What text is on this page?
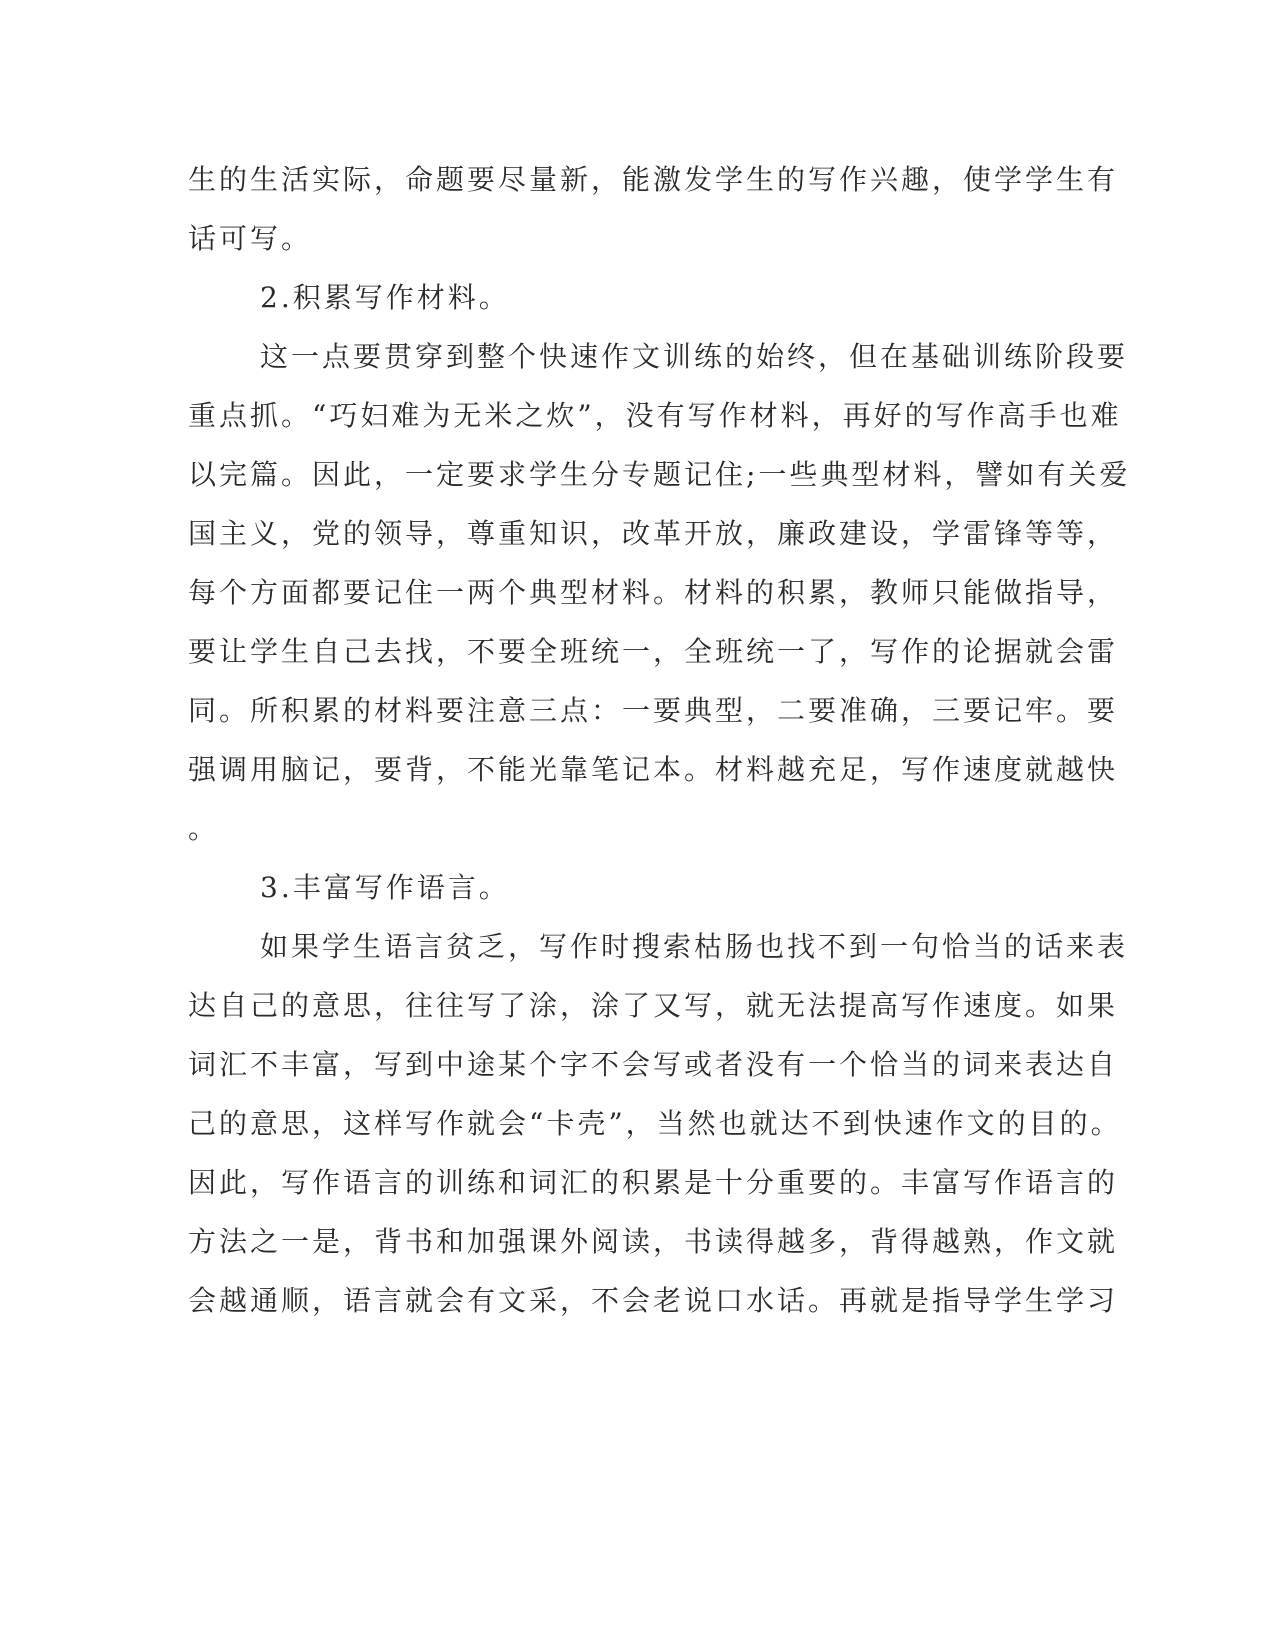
生的生活实际，命题要尽量新，能激发学生的写作兴趣，使学学生有
话可写。
2.积累写作材料。
这一点要贯穿到整个快速作文训练的始终，但在基础训练阶段要
重点抓。“巧妇难为无米之炊”，没有写作材料，再好的写作高手也难
以完篇。因此，一定要求学生分专题记住;一些典型材料，譬如有关爱
国主义，党的领导，尊重知识，改革开放，廉政建设，学雷锋等等，
每个方面都要记住一两个典型材料。材料的积累，教师只能做指导，
要让学生自己去找，不要全班统一，全班统一了，写作的论据就会雷
同。所积累的材料要注意三点：一要典型，二要准确，三要记牢。要
强调用脑记，要背，不能光靠笔记本。材料越充足，写作速度就越快
。
3.丰富写作语言。
如果学生语言贫乏，写作时搜索枯肠也找不到一句恰当的话来表
达自己的意思，往往写了涂，涂了又写，就无法提高写作速度。如果
词汇不丰富，写到中途某个字不会写或者没有一个恰当的词来表达自
己的意思，这样写作就会“卡壳”，当然也就达不到快速作文的目的。
因此，写作语言的训练和词汇的积累是十分重要的。丰富写作语言的
方法之一是，背书和加强课外阅读，书读得越多，背得越熟，作文就
会越通顺，语言就会有文采，不会老说口水话。再就是指导学生学习
